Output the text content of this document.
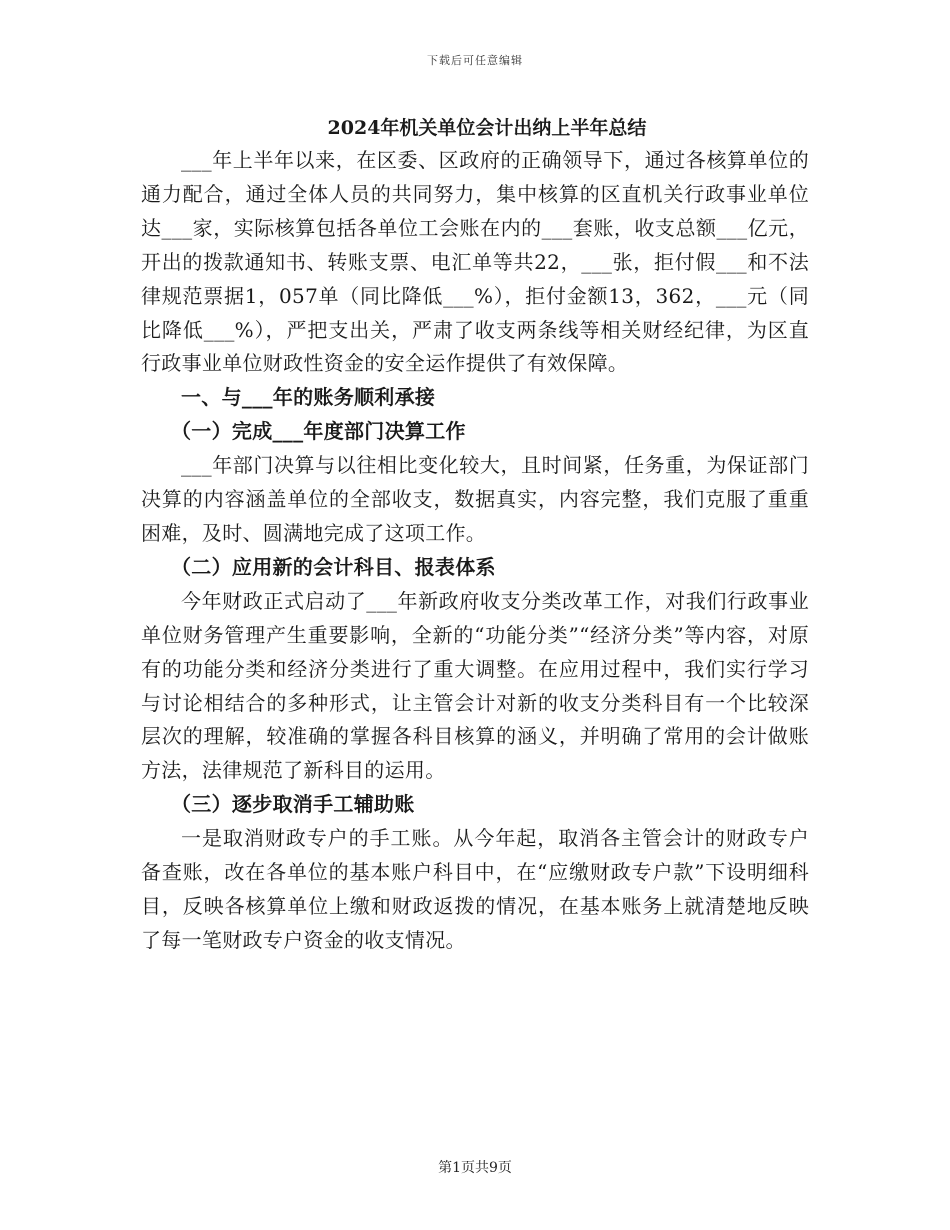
下载后可任意编辑
2024年机关单位会计出纳上半年总结

___年上半年以来，在区委、区政府的正确领导下，通过各核算单位的通力配合，通过全体人员的共同努力，集中核算的区直机关行政事业单位达___家，实际核算包括各单位工会账在内的___套账，收支总额___亿元，开出的拨款通知书、转账支票、电汇单等共22，___张，拒付假___和不法律规范票据1，057单（同比降低___%），拒付金额13，362，___元（同比降低___%），严把支出关，严肃了收支两条线等相关财经纪律，为区直行政事业单位财政性资金的安全运作提供了有效保障。

一、与___年的账务顺利承接

（一）完成___年度部门决算工作

___年部门决算与以往相比变化较大，且时间紧，任务重，为保证部门决算的内容涵盖单位的全部收支，数据真实，内容完整，我们克服了重重困难，及时、圆满地完成了这项工作。

（二）应用新的会计科目、报表体系

今年财政正式启动了___年新政府收支分类改革工作，对我们行政事业单位财务管理产生重要影响，全新的“功能分类”“经济分类”等内容，对原有的功能分类和经济分类进行了重大调整。在应用过程中，我们实行学习与讨论相结合的多种形式，让主管会计对新的收支分类科目有一个比较深层次的理解，较准确的掌握各科目核算的涵义，并明确了常用的会计做账方法，法律规范了新科目的运用。

（三）逐步取消手工辅助账

一是取消财政专户的手工账。从今年起，取消各主管会计的财政专户备查账，改在各单位的基本账户科目中，在“应缴财政专户款”下设明细科目，反映各核算单位上缴和财政返拨的情况，在基本账务上就清楚地反映了每一笔财政专户资金的收支情况。

第1页共9页
